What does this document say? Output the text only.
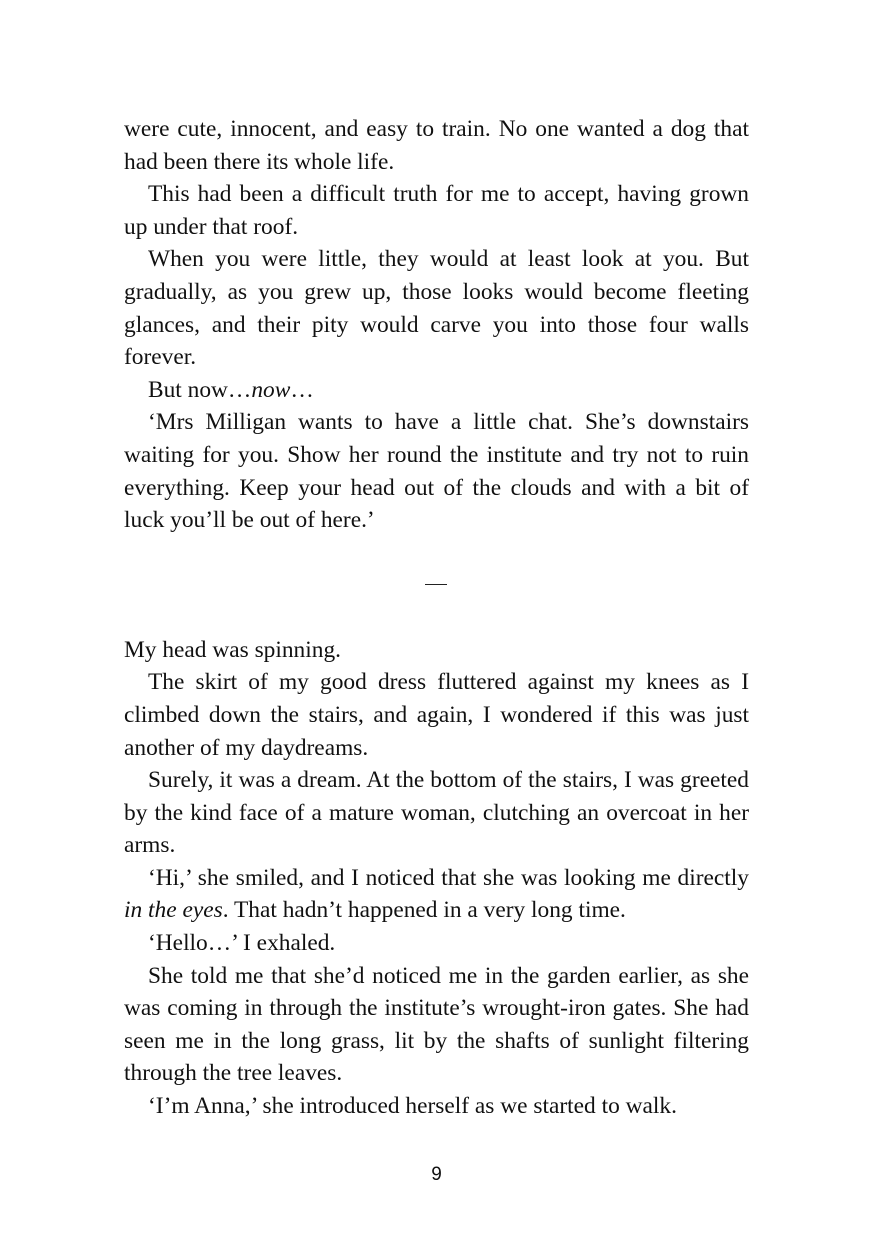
were cute, innocent, and easy to train. No one wanted a dog that had been there its whole life.

This had been a difficult truth for me to accept, having grown up under that roof.

When you were little, they would at least look at you. But gradually, as you grew up, those looks would become fleeting glances, and their pity would carve you into those four walls forever.

But now…now…

‘Mrs Milligan wants to have a little chat. She’s downstairs waiting for you. Show her round the institute and try not to ruin everything. Keep your head out of the clouds and with a bit of luck you’ll be out of here.’

My head was spinning.

The skirt of my good dress fluttered against my knees as I climbed down the stairs, and again, I wondered if this was just another of my daydreams.

Surely, it was a dream. At the bottom of the stairs, I was greeted by the kind face of a mature woman, clutching an overcoat in her arms.

‘Hi,’ she smiled, and I noticed that she was looking me directly in the eyes. That hadn’t happened in a very long time.

‘Hello…’ I exhaled.

She told me that she’d noticed me in the garden earlier, as she was coming in through the institute’s wrought-iron gates. She had seen me in the long grass, lit by the shafts of sunlight filtering through the tree leaves.

‘I’m Anna,’ she introduced herself as we started to walk.

9
